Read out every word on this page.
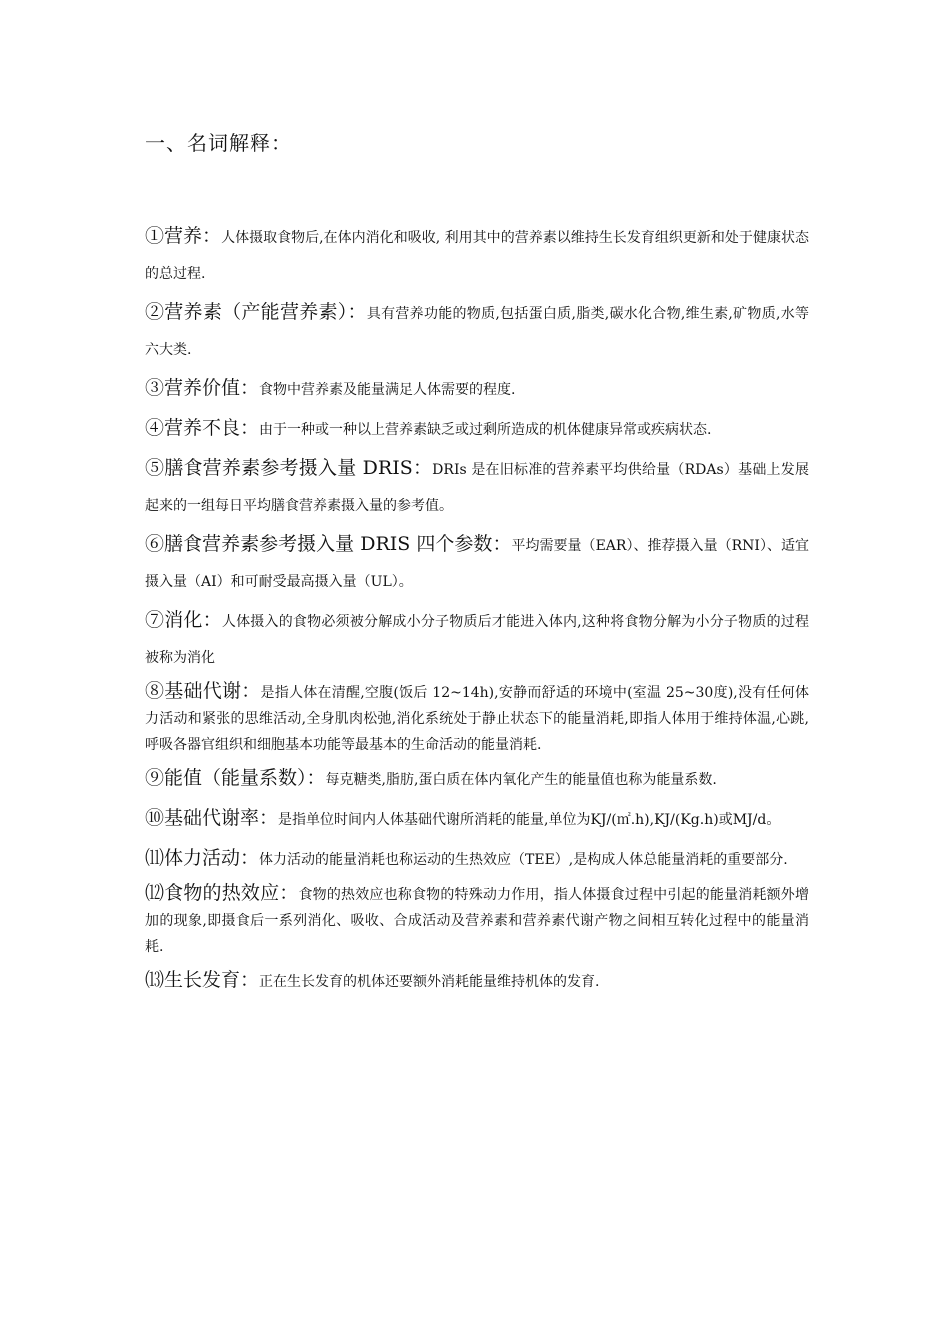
一、名词解释：

①营养：人体摄取食物后,在体内消化和吸收, 利用其中的营养素以维持生长发育组织更新和处于健康状态的总过程.

②营养素（产能营养素）：具有营养功能的物质,包括蛋白质,脂类,碳水化合物,维生素,矿物质,水等六大类.

③营养价值：食物中营养素及能量满足人体需要的程度.

④营养不良：由于一种或一种以上营养素缺乏或过剩所造成的机体健康异常或疾病状态.

⑤膳食营养素参考摄入量 DRIS：DRIs 是在旧标准的营养素平均供给量（RDAs）基础上发展起来的一组每日平均膳食营养素摄入量的参考值。

⑥膳食营养素参考摄入量 DRIS 四个参数：平均需要量（EAR）、推荐摄入量（RNI）、适宜摄入量（AI）和可耐受最高摄入量（UL）。

⑦消化：人体摄入的食物必须被分解成小分子物质后才能进入体内,这种将食物分解为小分子物质的过程被称为消化

⑧基础代谢：是指人体在清醒,空腹(饭后 12~14h),安静而舒适的环境中(室温 25~30度),没有任何体力活动和紧张的思维活动,全身肌肉松弛,消化系统处于静止状态下的能量消耗,即指人体用于维持体温,心跳,呼吸各器官组织和细胞基本功能等最基本的生命活动的能量消耗.

⑨能值（能量系数）：每克糖类,脂肪,蛋白质在体内氧化产生的能量值也称为能量系数.

⑩基础代谢率：是指单位时间内人体基础代谢所消耗的能量,单位为KJ/(㎡.h),KJ/(Kg.h)或MJ/d。

⑾体力活动：体力活动的能量消耗也称运动的生热效应（TEE）,是构成人体总能量消耗的重要部分.

⑿食物的热效应：食物的热效应也称食物的特殊动力作用，指人体摄食过程中引起的能量消耗额外增加的现象,即摄食后一系列消化、吸收、合成活动及营养素和营养素代谢产物之间相互转化过程中的能量消耗.

⒀生长发育：正在生长发育的机体还要额外消耗能量维持机体的发育.
